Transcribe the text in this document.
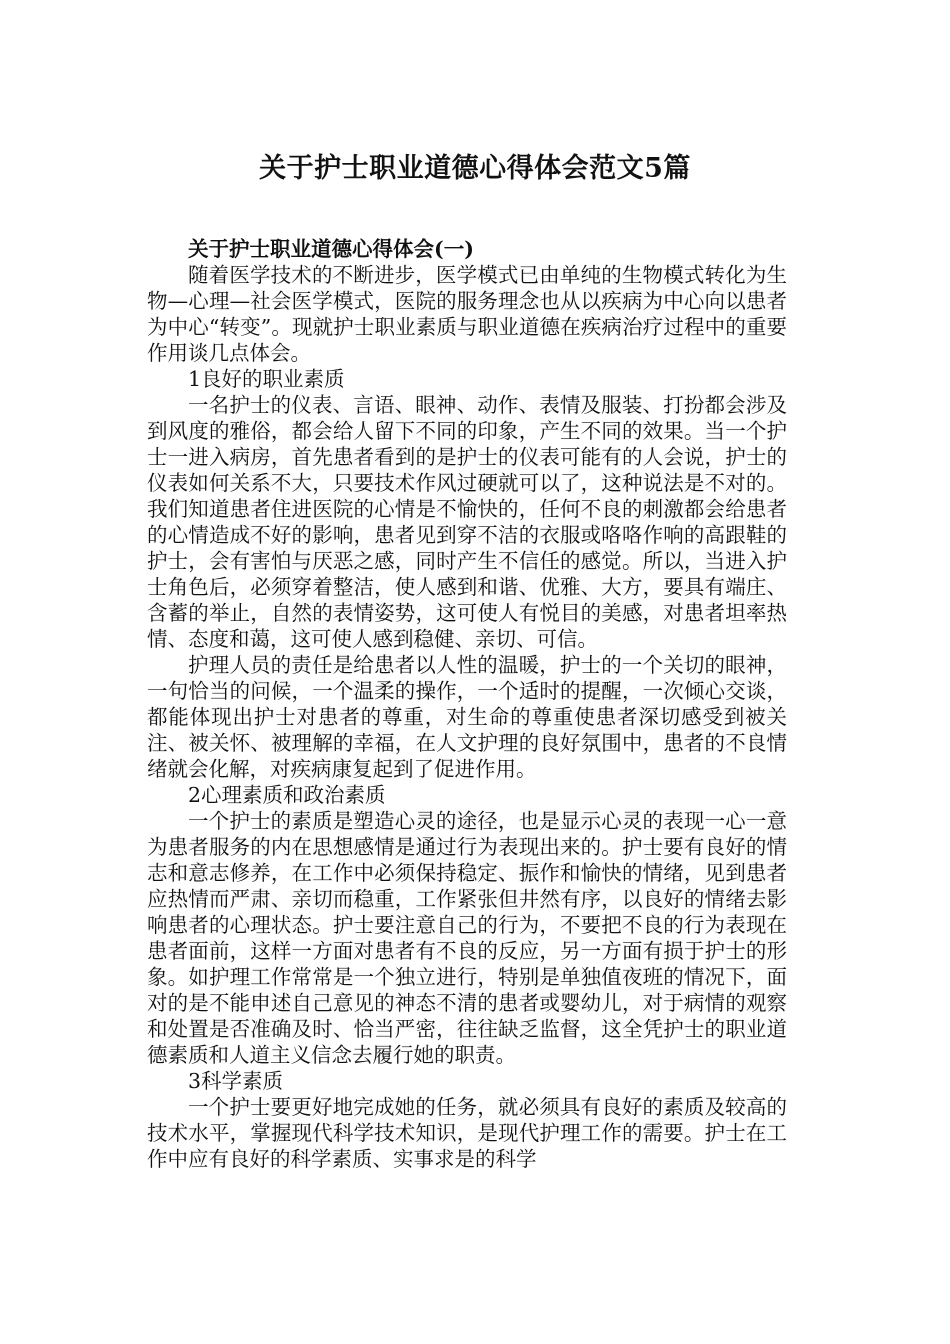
关于护士职业道德心得体会范文5篇

关于护士职业道德心得体会(一)

随着医学技术的不断进步，医学模式已由单纯的生物模式转化为生物—心理—社会医学模式，医院的服务理念也从以疾病为中心向以患者为中心“转变”。现就护士职业素质与职业道德在疾病治疗过程中的重要作用谈几点体会。

1良好的职业素质

一名护士的仪表、言语、眼神、动作、表情及服装、打扮都会涉及到风度的雅俗，都会给人留下不同的印象，产生不同的效果。当一个护士一进入病房，首先患者看到的是护士的仪表可能有的人会说，护士的仪表如何关系不大，只要技术作风过硬就可以了，这种说法是不对的。我们知道患者住进医院的心情是不愉快的，任何不良的刺激都会给患者的心情造成不好的影响，患者见到穿不洁的衣服或咯咯作响的高跟鞋的护士，会有害怕与厌恶之感，同时产生不信任的感觉。所以，当进入护士角色后，必须穿着整洁，使人感到和谐、优雅、大方，要具有端庄、含蓄的举止，自然的表情姿势，这可使人有悦目的美感，对患者坦率热情、态度和蔼，这可使人感到稳健、亲切、可信。

护理人员的责任是给患者以人性的温暖，护士的一个关切的眼神，一句恰当的问候，一个温柔的操作，一个适时的提醒，一次倾心交谈，都能体现出护士对患者的尊重，对生命的尊重使患者深切感受到被关注、被关怀、被理解的幸福，在人文护理的良好氛围中，患者的不良情绪就会化解，对疾病康复起到了促进作用。

2心理素质和政治素质

一个护士的素质是塑造心灵的途径，也是显示心灵的表现一心一意为患者服务的内在思想感情是通过行为表现出来的。护士要有良好的情志和意志修养，在工作中必须保持稳定、振作和愉快的情绪，见到患者应热情而严肃、亲切而稳重，工作紧张但井然有序，以良好的情绪去影响患者的心理状态。护士要注意自己的行为，不要把不良的行为表现在患者面前，这样一方面对患者有不良的反应，另一方面有损于护士的形象。如护理工作常常是一个独立进行，特别是单独值夜班的情况下，面对的是不能申述自己意见的神态不清的患者或婴幼儿，对于病情的观察和处置是否准确及时、恰当严密，往往缺乏监督，这全凭护士的职业道德素质和人道主义信念去履行她的职责。

3科学素质

一个护士要更好地完成她的任务，就必须具有良好的素质及较高的技术水平，掌握现代科学技术知识，是现代护理工作的需要。护士在工作中应有良好的科学素质、实事求是的科学
